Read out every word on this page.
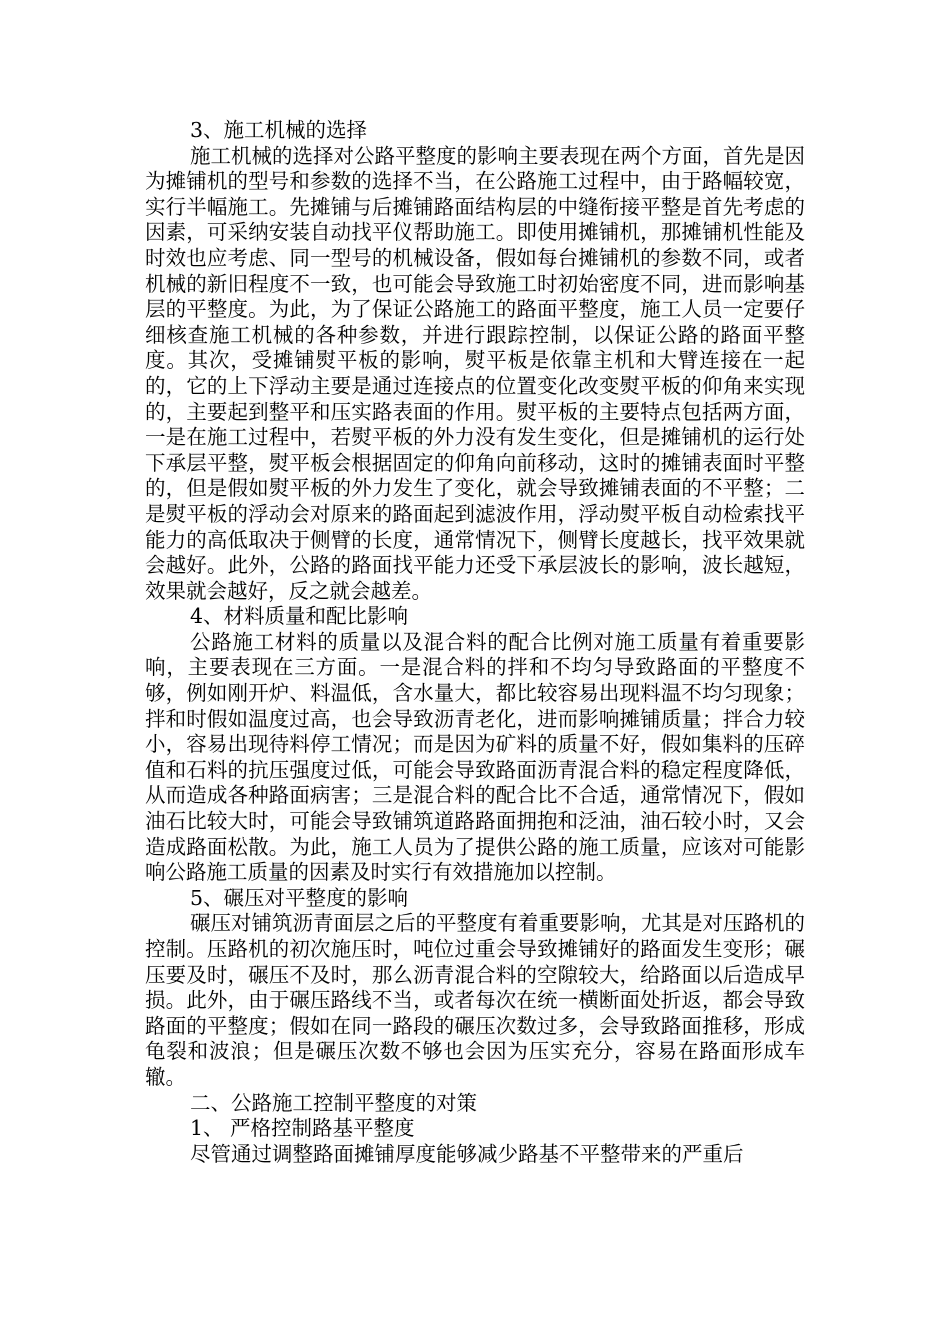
3、施工机械的选择

施工机械的选择对公路平整度的影响主要表现在两个方面，首先是因为摊铺机的型号和参数的选择不当，在公路施工过程中，由于路幅较宽，实行半幅施工。先摊铺与后摊铺路面结构层的中缝衔接平整是首先考虑的因素，可采纳安装自动找平仪帮助施工。即使用摊铺机，那摊铺机性能及时效也应考虑、同一型号的机械设备，假如每台摊铺机的参数不同，或者机械的新旧程度不一致，也可能会导致施工时初始密度不同，进而影响基层的平整度。为此，为了保证公路施工的路面平整度，施工人员一定要仔细核查施工机械的各种参数，并进行跟踪控制，以保证公路的路面平整度。其次，受摊铺熨平板的影响，熨平板是依靠主机和大臂连接在一起的，它的上下浮动主要是通过连接点的位置变化改变熨平板的仰角来实现的，主要起到整平和压实路表面的作用。熨平板的主要特点包括两方面，一是在施工过程中，若熨平板的外力没有发生变化，但是摊铺机的运行处下承层平整，熨平板会根据固定的仰角向前移动，这时的摊铺表面时平整的，但是假如熨平板的外力发生了变化，就会导致摊铺表面的不平整；二是熨平板的浮动会对原来的路面起到滤波作用，浮动熨平板自动检索找平能力的高低取决于侧臂的长度，通常情况下，侧臂长度越长，找平效果就会越好。此外，公路的路面找平能力还受下承层波长的影响，波长越短，效果就会越好，反之就会越差。

4、材料质量和配比影响

公路施工材料的质量以及混合料的配合比例对施工质量有着重要影响，主要表现在三方面。一是混合料的拌和不均匀导致路面的平整度不够，例如刚开炉、料温低，含水量大，都比较容易出现料温不均匀现象；拌和时假如温度过高，也会导致沥青老化，进而影响摊铺质量；拌合力较小，容易出现待料停工情况；而是因为矿料的质量不好，假如集料的压碎值和石料的抗压强度过低，可能会导致路面沥青混合料的稳定程度降低，从而造成各种路面病害；三是混合料的配合比不合适，通常情况下，假如油石比较大时，可能会导致铺筑道路路面拥抱和泛油，油石较小时，又会造成路面松散。为此，施工人员为了提供公路的施工质量，应该对可能影响公路施工质量的因素及时实行有效措施加以控制。

5、碾压对平整度的影响

碾压对铺筑沥青面层之后的平整度有着重要影响，尤其是对压路机的控制。压路机的初次施压时，吨位过重会导致摊铺好的路面发生变形；碾压要及时，碾压不及时，那么沥青混合料的空隙较大，给路面以后造成早损。此外，由于碾压路线不当，或者每次在统一横断面处折返，都会导致路面的平整度；假如在同一路段的碾压次数过多，会导致路面推移，形成龟裂和波浪；但是碾压次数不够也会因为压实充分，容易在路面形成车辙。

二、公路施工控制平整度的对策

1、 严格控制路基平整度

尽管通过调整路面摊铺厚度能够减少路基不平整带来的严重后
